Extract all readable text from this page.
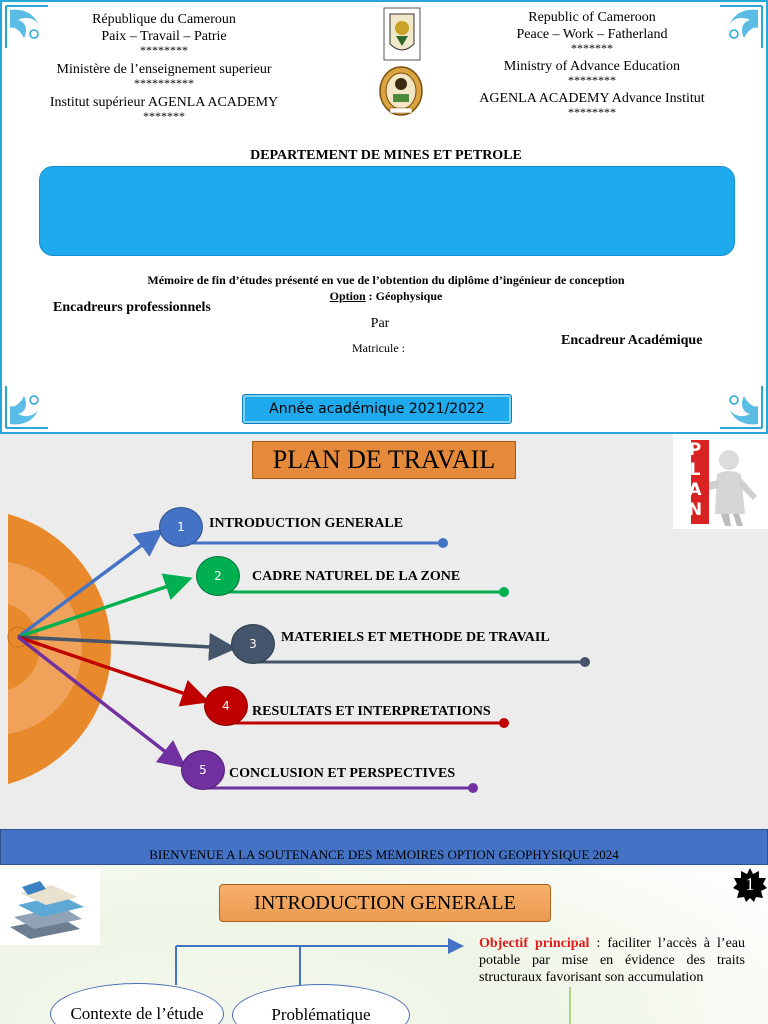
République du Cameroun
Paix – Travail – Patrie
********
Ministère de l’enseignement superieur
**********
Institut supérieur AGENLA ACADEMY
*******
Republic of Cameroon
Peace – Work – Fatherland
*******
Ministry of Advance Education
********
AGENLA ACADEMY Advance Institut
********
DEPARTEMENT DE MINES ET PETROLE
Mémoire de fin d’études présenté en vue de l’obtention du diplôme d’ingénieur de conception
Option : Géophysique
Encadreurs professionnels
Par
Matricule :	Encadreur Académique
Année académique 2021/2022
PLAN DE TRAVAIL	P
L
A
N
1
2
3
4
5
INTRODUCTION GENERALE
CADRE NATUREL DE LA ZONE
MATERIELS ET METHODE DE TRAVAIL
RESULTATS ET INTERPRETATIONS
CONCLUSION ET PERSPECTIVES
BIENVENUE A LA SOUTENANCE DES MEMOIRES OPTION GEOPHYSIQUE 2024
INTRODUCTION GENERALE
1
Objectif principal : faciliter l’accès à l’eau potable par mise en évidence des traits structuraux favorisant son accumulation
Contexte de l’étude	Problématique
